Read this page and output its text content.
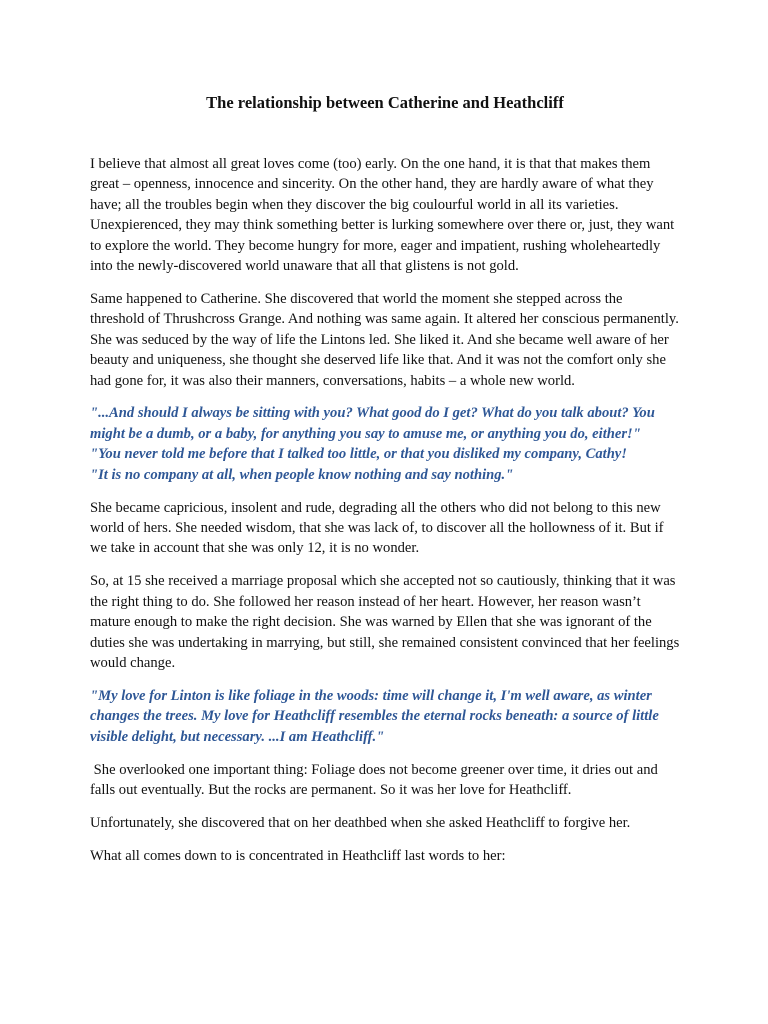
The relationship between Catherine and Heathcliff

I believe that almost all great loves come (too) early. On the one hand, it is that that makes them great – openness, innocence and sincerity. On the other hand, they are hardly aware of what they have; all the troubles begin when they discover the big coulourful world in all its varieties. Unexpierenced, they may think something better is lurking somewhere over there or, just, they want to explore the world. They become hungry for more, eager and impatient, rushing wholeheartedly into the newly-discovered world unaware that all that glistens is not gold.

Same happened to Catherine. She discovered that world the moment she stepped across the threshold of Thrushcross Grange. And nothing was same again. It altered her conscious permanently. She was seduced by the way of life the Lintons led. She liked it. And she became well aware of her beauty and uniqueness, she thought she deserved life like that. And it was not the comfort only she had gone for, it was also their manners, conversations, habits – a whole new world.

"...And should I always be sitting with you? What good do I get? What do you talk about? You might be a dumb, or a baby, for anything you say to amuse me, or anything you do, either!"
"You never told me before that I talked too little, or that you disliked my company, Cathy!
"It is no company at all, when people know nothing and say nothing."

She became capricious, insolent and rude, degrading all the others who did not belong to this new world of hers. She needed wisdom, that she was lack of, to discover all the hollowness of it. But if we take in account that she was only 12, it is no wonder.

So, at 15 she received a marriage proposal which she accepted not so cautiously, thinking that it was the right thing to do. She followed her reason instead of her heart. However, her reason wasn’t mature enough to make the right decision. She was warned by Ellen that she was ignorant of the duties she was undertaking in marrying, but still, she remained consistent convinced that her feelings would change.

"My love for Linton is like foliage in the woods: time will change it, I'm well aware, as winter changes the trees. My love for Heathcliff resembles the eternal rocks beneath: a source of little visible delight, but necessary. ...I am Heathcliff."

She overlooked one important thing: Foliage does not become greener over time, it dries out and falls out eventually. But the rocks are permanent. So it was her love for Heathcliff.

Unfortunately, she discovered that on her deathbed when she asked Heathcliff to forgive her.

What all comes down to is concentrated in Heathcliff last words to her:
